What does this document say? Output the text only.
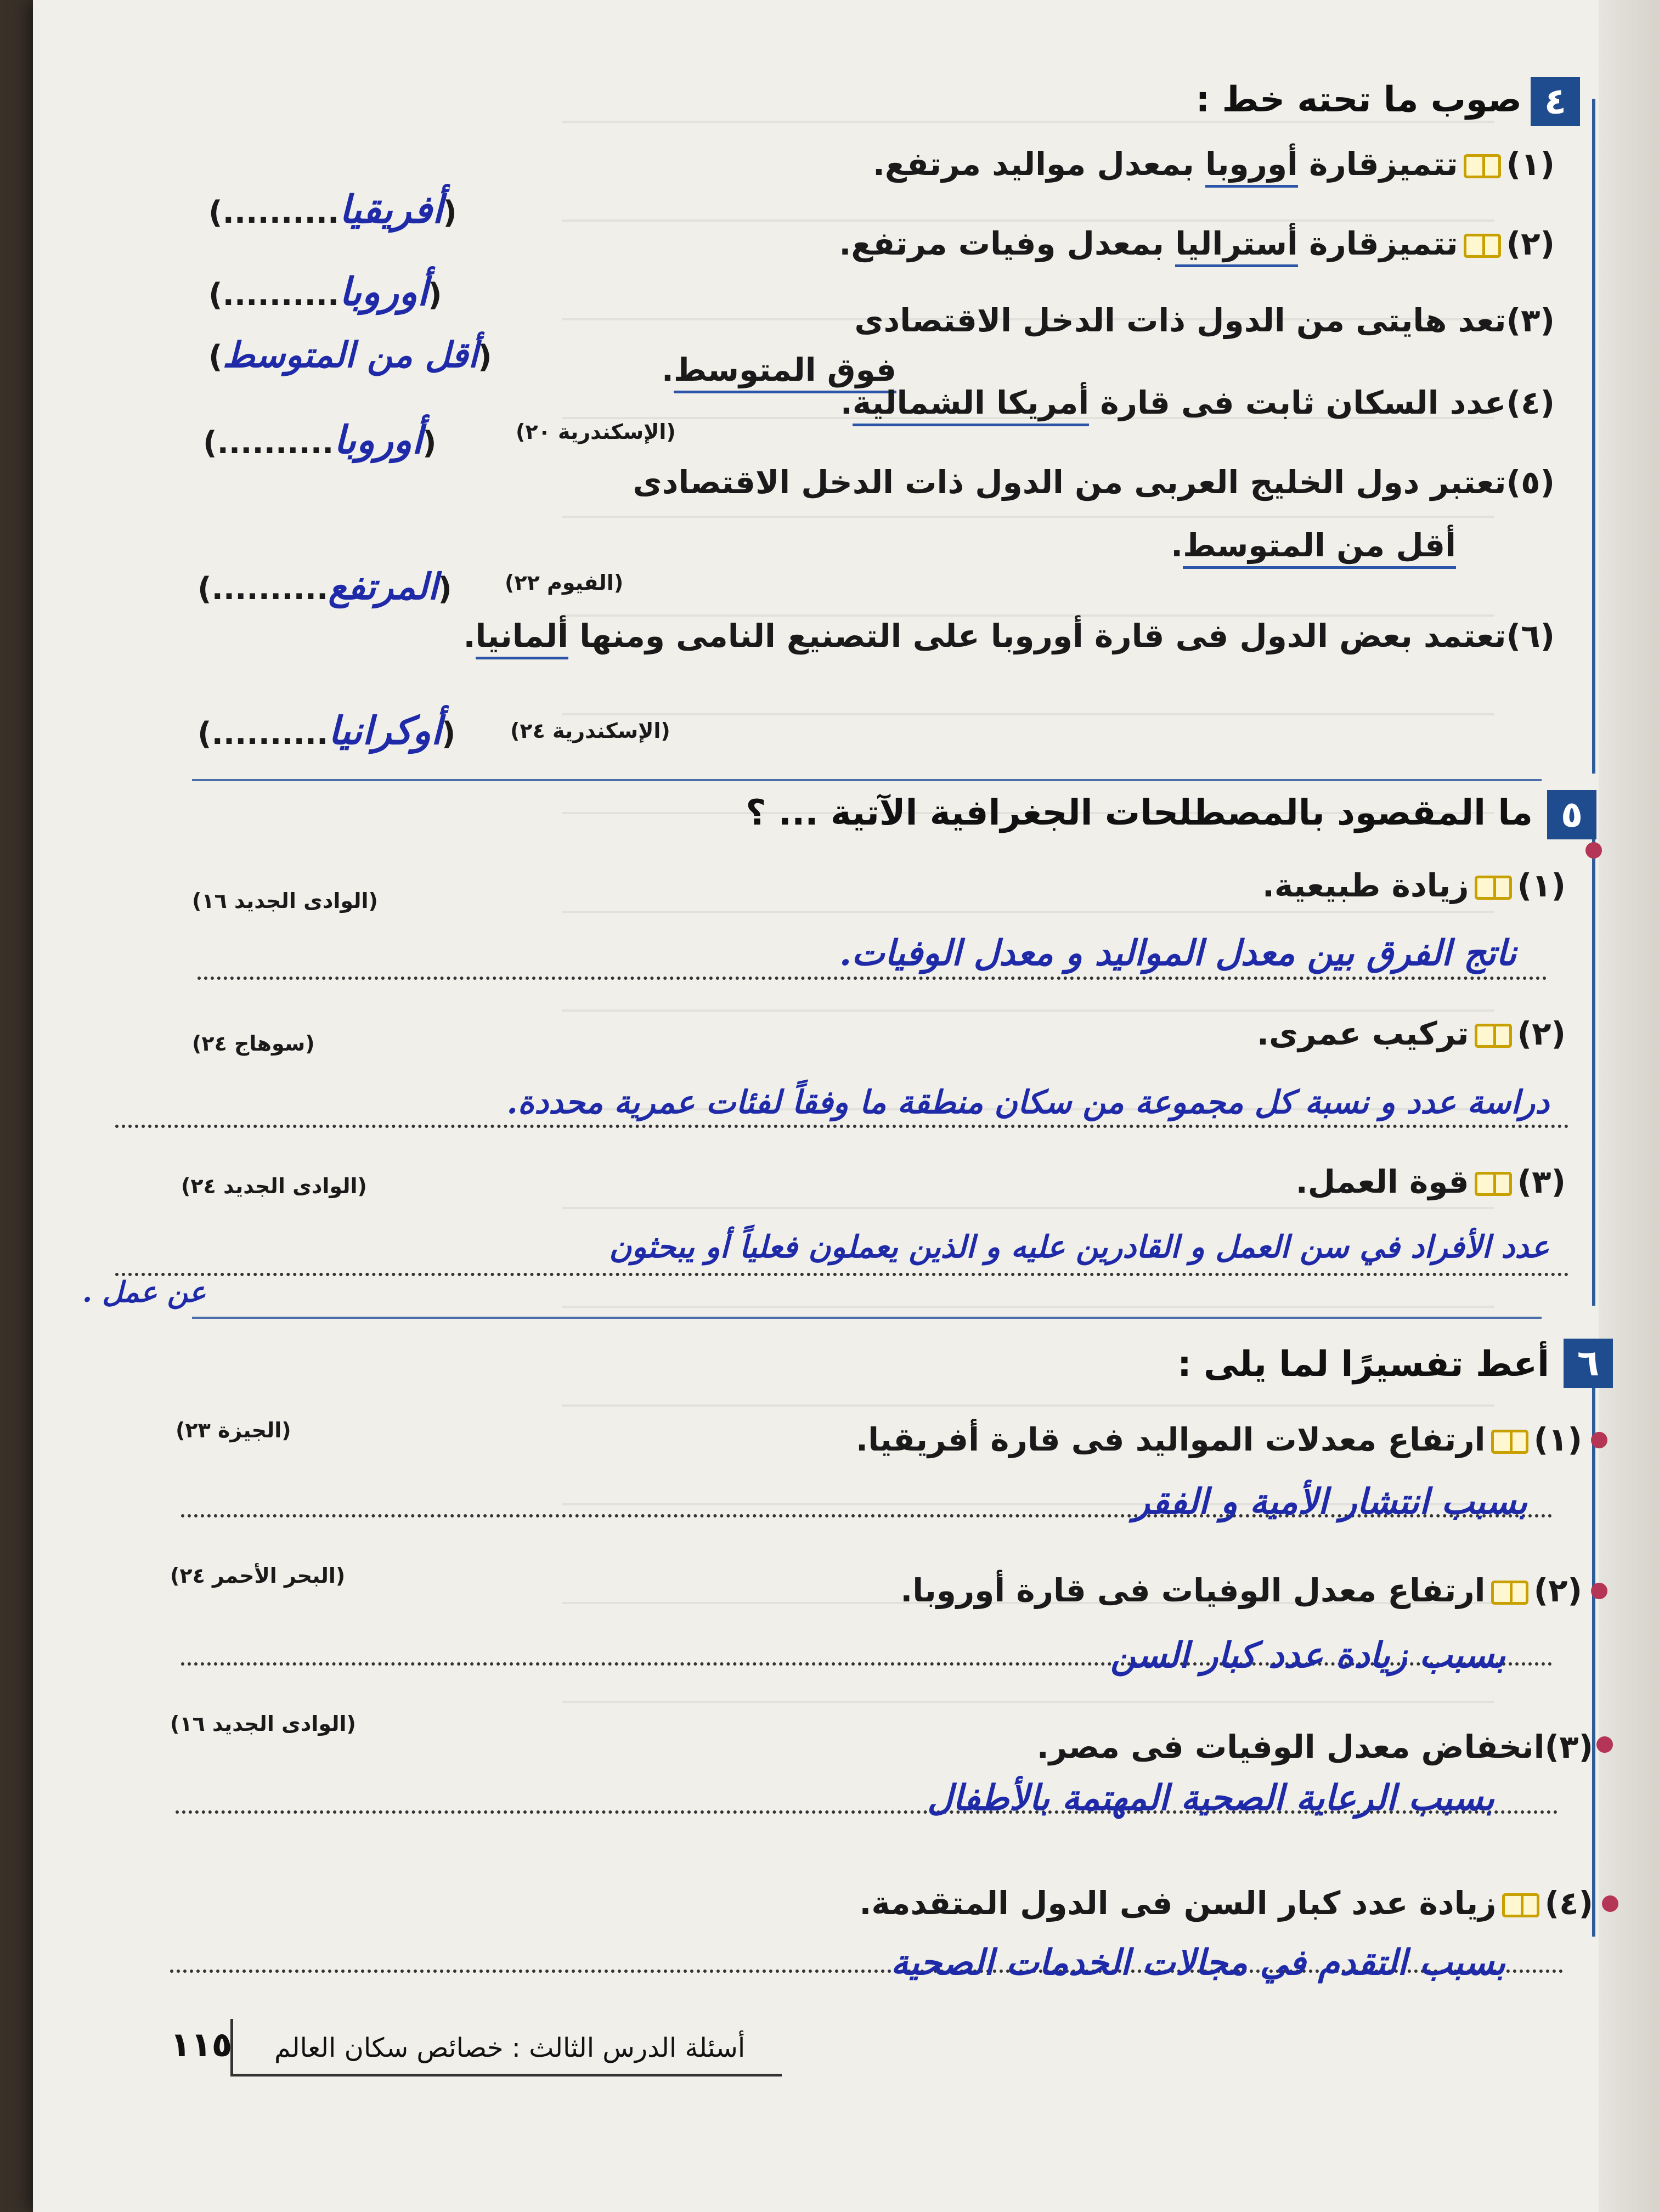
٤
صوب ما تحته خط :
(١)تتميزقارة أوروبا بمعدل مواليد مرتفع.
(أفريقيا..........)
(٢)تتميزقارة أستراليا بمعدل وفيات مرتفع.
(أوروبا..........)
(٣)تعد هايتى من الدول ذات الدخل الاقتصادى
فوق المتوسط.
(أقل من المتوسط)
(٤)عدد السكان ثابت فى قارة أمريكا الشمالية.
(الإسكندرية ٢٠)
(أوروبا..........)
(٥)تعتبر دول الخليج العربى من الدول ذات الدخل الاقتصادى
أقل من المتوسط.
(الفيوم ٢٢)
(المرتفع..........)
(٦)تعتمد بعض الدول فى قارة أوروبا على التصنيع النامى ومنها ألمانيا.
(الإسكندرية ٢٤)
(أوكرانيا..........)
٥
ما المقصود بالمصطلحات الجغرافية الآتية ... ؟
(١)زيادة طبيعية.
(الوادى الجديد ١٦)
ناتج الفرق بين معدل المواليد و معدل الوفيات.
(٢)تركيب عمرى.
(سوهاج ٢٤)
دراسة عدد و نسبة كل مجموعة من سكان منطقة ما وفقاً لفئات عمرية محددة.
(٣)قوة العمل.
(الوادى الجديد ٢٤)
عدد الأفراد في سن العمل و القادرين عليه و الذين يعملون فعلياً أو يبحثون
عن عمل .
٦
أعط تفسيرًا لما يلى :
(١)ارتفاع معدلات المواليد فى قارة أفريقيا.
(الجيزة ٢٣)
بسبب انتشار الأمية و الفقر
(٢)ارتفاع معدل الوفيات فى قارة أوروبا.
(البحر الأحمر ٢٤)
بسبب زيادة عدد كبار السن
(٣)انخفاض معدل الوفيات فى مصر.
(الوادى الجديد ١٦)
بسبب الرعاية الصحية المهتمة بالأطفال
(٤)زيادة عدد كبار السن فى الدول المتقدمة.
بسبب التقدم في مجالات الخدمات الصحية
أسئلة الدرس الثالث : خصائص سكان العالم
١١٥
